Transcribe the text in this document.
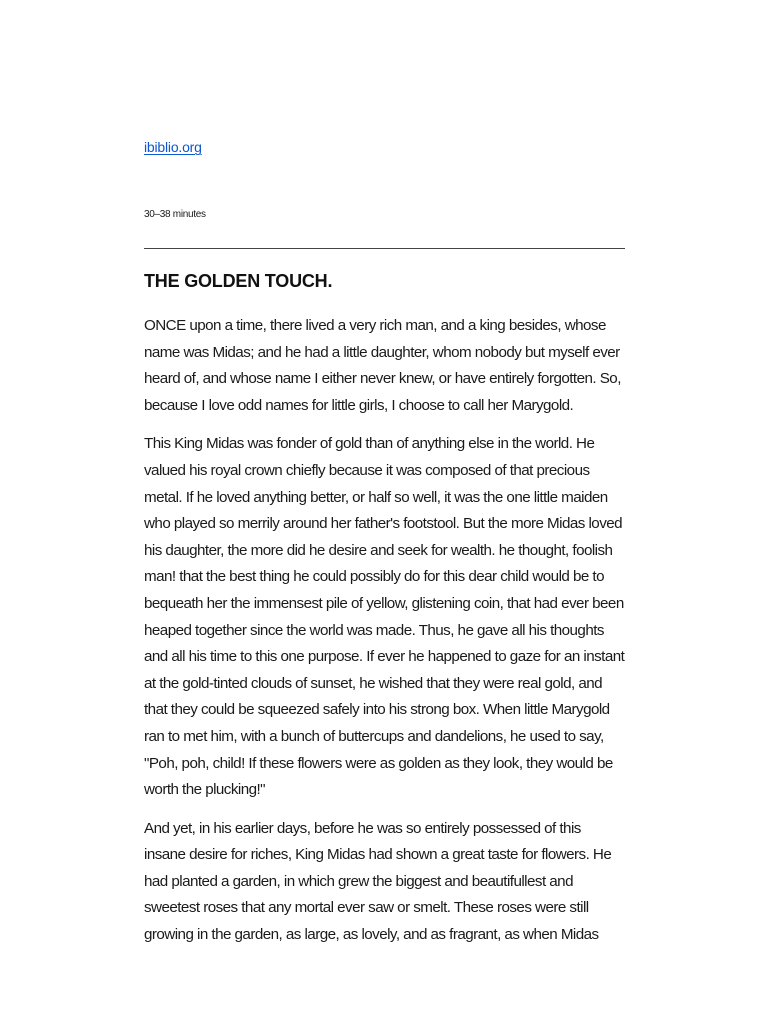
ibiblio.org
30–38 minutes
THE GOLDEN TOUCH.

ONCE upon a time, there lived a very rich man, and a king besides, whose name was Midas; and he had a little daughter, whom nobody but myself ever heard of, and whose name I either never knew, or have entirely forgotten. So, because I love odd names for little girls, I choose to call her Marygold.

This King Midas was fonder of gold than of anything else in the world. He valued his royal crown chiefly because it was composed of that precious metal. If he loved anything better, or half so well, it was the one little maiden who played so merrily around her father's footstool. But the more Midas loved his daughter, the more did he desire and seek for wealth. he thought, foolish man! that the best thing he could possibly do for this dear child would be to bequeath her the immensest pile of yellow, glistening coin, that had ever been heaped together since the world was made. Thus, he gave all his thoughts and all his time to this one purpose. If ever he happened to gaze for an instant at the gold-tinted clouds of sunset, he wished that they were real gold, and that they could be squeezed safely into his strong box. When little Marygold ran to met him, with a bunch of buttercups and dandelions, he used to say, "Poh, poh, child! If these flowers were as golden as they look, they would be worth the plucking!"

And yet, in his earlier days, before he was so entirely possessed of this insane desire for riches, King Midas had shown a great taste for flowers. He had planted a garden, in which grew the biggest and beautifullest and sweetest roses that any mortal ever saw or smelt. These roses were still growing in the garden, as large, as lovely, and as fragrant, as when Midas
